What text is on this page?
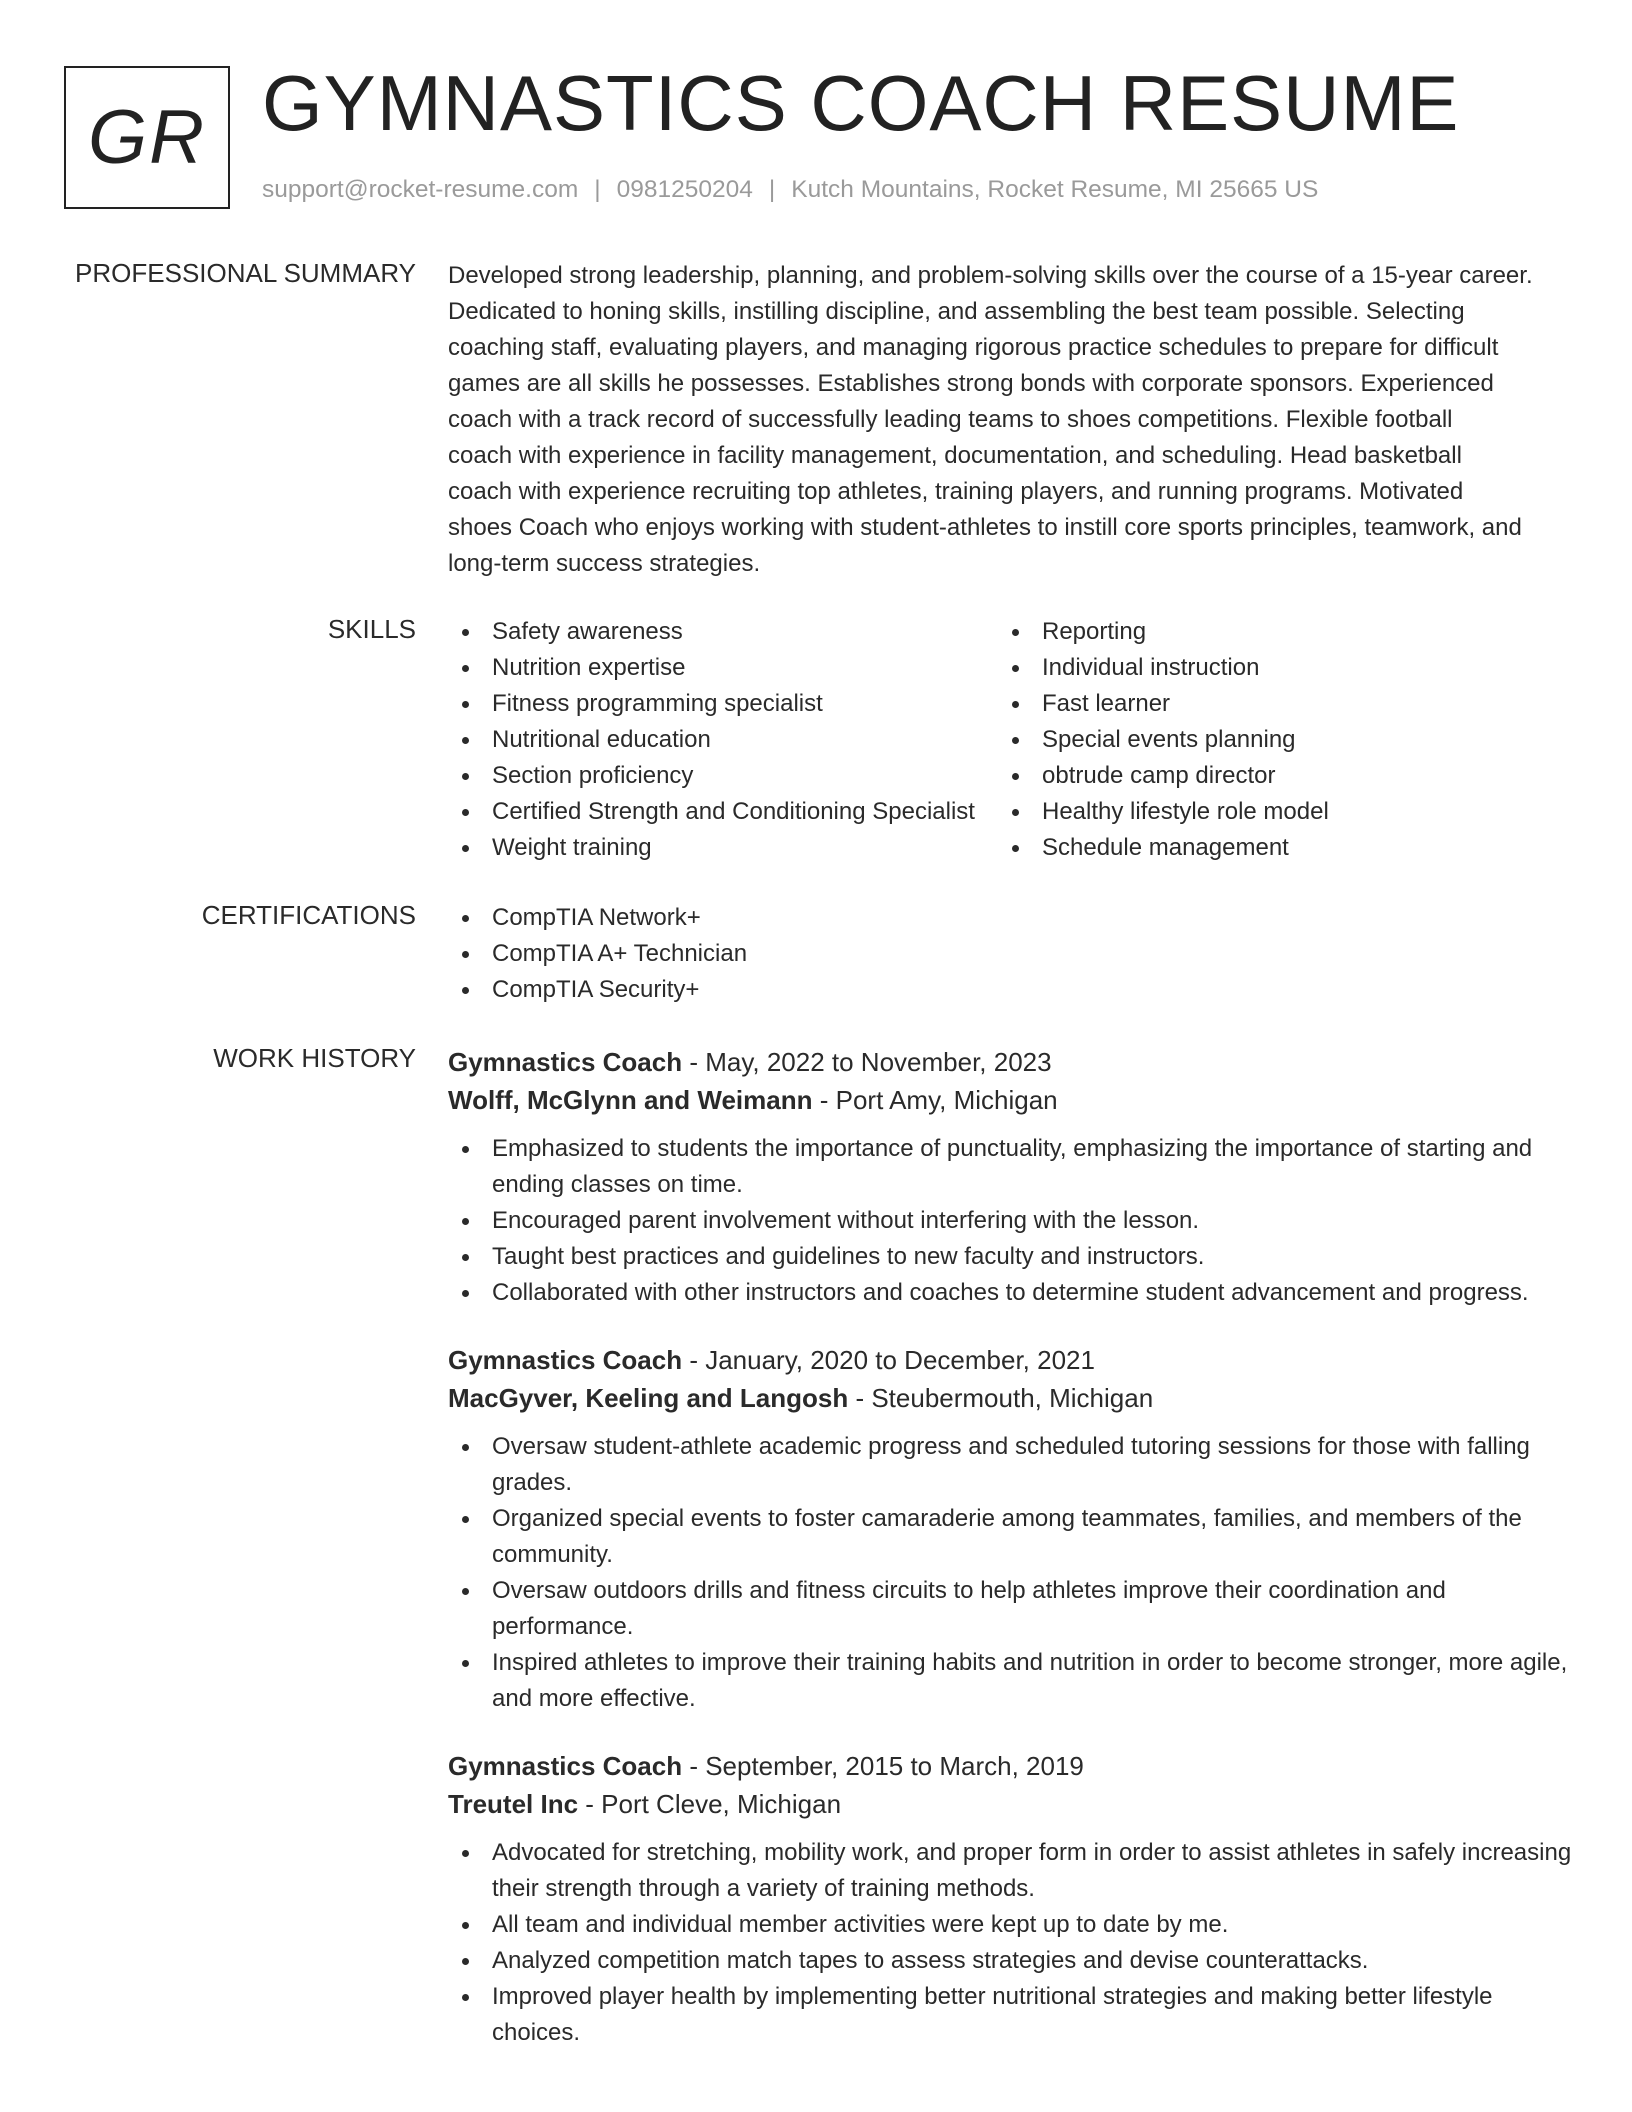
GR GYMNASTICS COACH RESUME
support@rocket-resume.com | 0981250204 | Kutch Mountains, Rocket Resume, MI 25665 US
PROFESSIONAL SUMMARY Developed strong leadership, planning, and problem-solving skills over the course of a 15-year career.
Dedicated to honing skills, instilling discipline, and assembling the best team possible. Selecting
coaching staff, evaluating players, and managing rigorous practice schedules to prepare for difficult
games are all skills he possesses. Establishes strong bonds with corporate sponsors. Experienced
coach with a track record of successfully leading teams to shoes competitions. Flexible football
coach with experience in facility management, documentation, and scheduling. Head basketball
coach with experience recruiting top athletes, training players, and running programs. Motivated
shoes Coach who enjoys working with student-athletes to instill core sports principles, teamwork, and
long-term success strategies.
SKILLS	Safety awareness
Nutrition expertise
Fitness programming specialist
Nutritional education
Section proficiency
Certified Strength and Conditioning Specialist
Weight training
Reporting
Individual instruction
Fast learner
Special events planning
obtrude camp director
Healthy lifestyle role model
Schedule management
CERTIFICATIONS	CompTIA Network+
CompTIA A+ Technician
CompTIA Security+
WORK HISTORY Gymnastics Coach - May, 2022 to November, 2023
Wolff, McGlynn and Weimann - Port Amy, Michigan
Emphasized to students the importance of punctuality, emphasizing the importance of starting and ending classes on time.
Encouraged parent involvement without interfering with the lesson.
Taught best practices and guidelines to new faculty and instructors.
Collaborated with other instructors and coaches to determine student advancement and progress.
Gymnastics Coach - January, 2020 to December, 2021
MacGyver, Keeling and Langosh - Steubermouth, Michigan
Oversaw student-athlete academic progress and scheduled tutoring sessions for those with falling grades.
Organized special events to foster camaraderie among teammates, families, and members of the community.
Oversaw outdoors drills and fitness circuits to help athletes improve their coordination and performance.
Inspired athletes to improve their training habits and nutrition in order to become stronger, more agile, and more effective.
Gymnastics Coach - September, 2015 to March, 2019
Treutel Inc - Port Cleve, Michigan
Advocated for stretching, mobility work, and proper form in order to assist athletes in safely increasing their strength through a variety of training methods.
All team and individual member activities were kept up to date by me.
Analyzed competition match tapes to assess strategies and devise counterattacks.
Improved player health by implementing better nutritional strategies and making better lifestyle choices.
